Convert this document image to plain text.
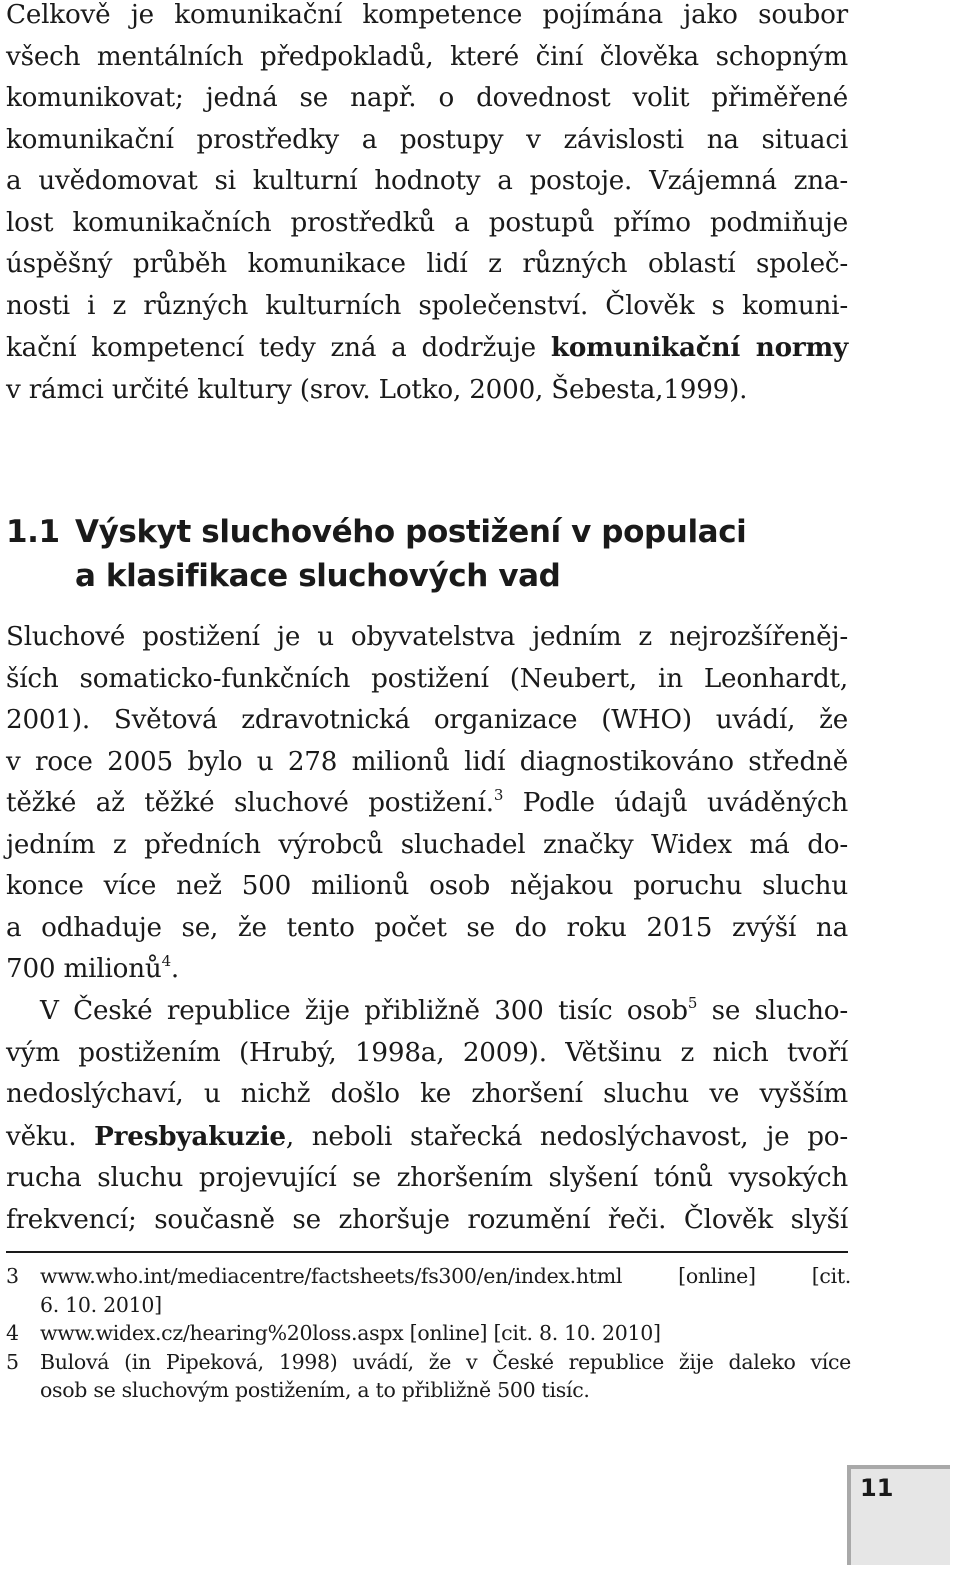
Celkově je komunikační kompetence pojímána jako soubor
všech mentálních předpokladů, které činí člověka schopným
komunikovat; jedná se např. o dovednost volit přiměřené
komunikační prostředky a postupy v závislosti na situaci
a uvědomovat si kulturní hodnoty a postoje. Vzájemná zna-
lost komunikačních prostředků a postupů přímo podmiňuje
úspěšný průběh komunikace lidí z různých oblastí společ-
nosti i z různých kulturních společenství. Člověk s komuni-
kační kompetencí tedy zná a dodržuje komunikační normy
v rámci určité kultury (srov. Lotko, 2000, Šebesta,1999).
1.1 Výskyt sluchového postižení v populaci
a klasifikace sluchových vad
Sluchové postižení je u obyvatelstva jedním z nejrozšířeněj-
ších somaticko-funkčních postižení (Neubert, in Leonhardt,
2001). Světová zdravotnická organizace (WHO) uvádí, že
v roce 2005 bylo u 278 milionů lidí diagnostikováno středně
těžké až těžké sluchové postižení.$^3$ Podle údajů uváděných
jedním z předních výrobců sluchadel značky Widex má do-
konce více než 500 milionů osob nějakou poruchu sluchu
a odhaduje se, že tento počet se do roku 2015 zvýší na
700 milionů$^4$.
V České republice žije přibližně 300 tisíc osob$^5$ se slucho-
vým postižením (Hrubý, 1998a, 2009). Většinu z nich tvoří
nedoslýchaví, u nichž došlo ke zhoršení sluchu ve vyšším
věku. Presbyakuzie, neboli stařecká nedoslýchavost, je po-
rucha sluchu projevující se zhoršením slyšení tónů vysokých
frekvencí; současně se zhoršuje rozumění řeči. Člověk slyší
3 www.who.int/mediacentre/factsheets/fs300/en/index.html [online] [cit.
6. 10. 2010]
4 www.widex.cz/hearing%20loss.aspx [online] [cit. 8. 10. 2010]
5 Bulová (in Pipeková, 1998) uvádí, že v České republice žije daleko více
osob se sluchovým postižením, a to přibližně 500 tisíc.
11
